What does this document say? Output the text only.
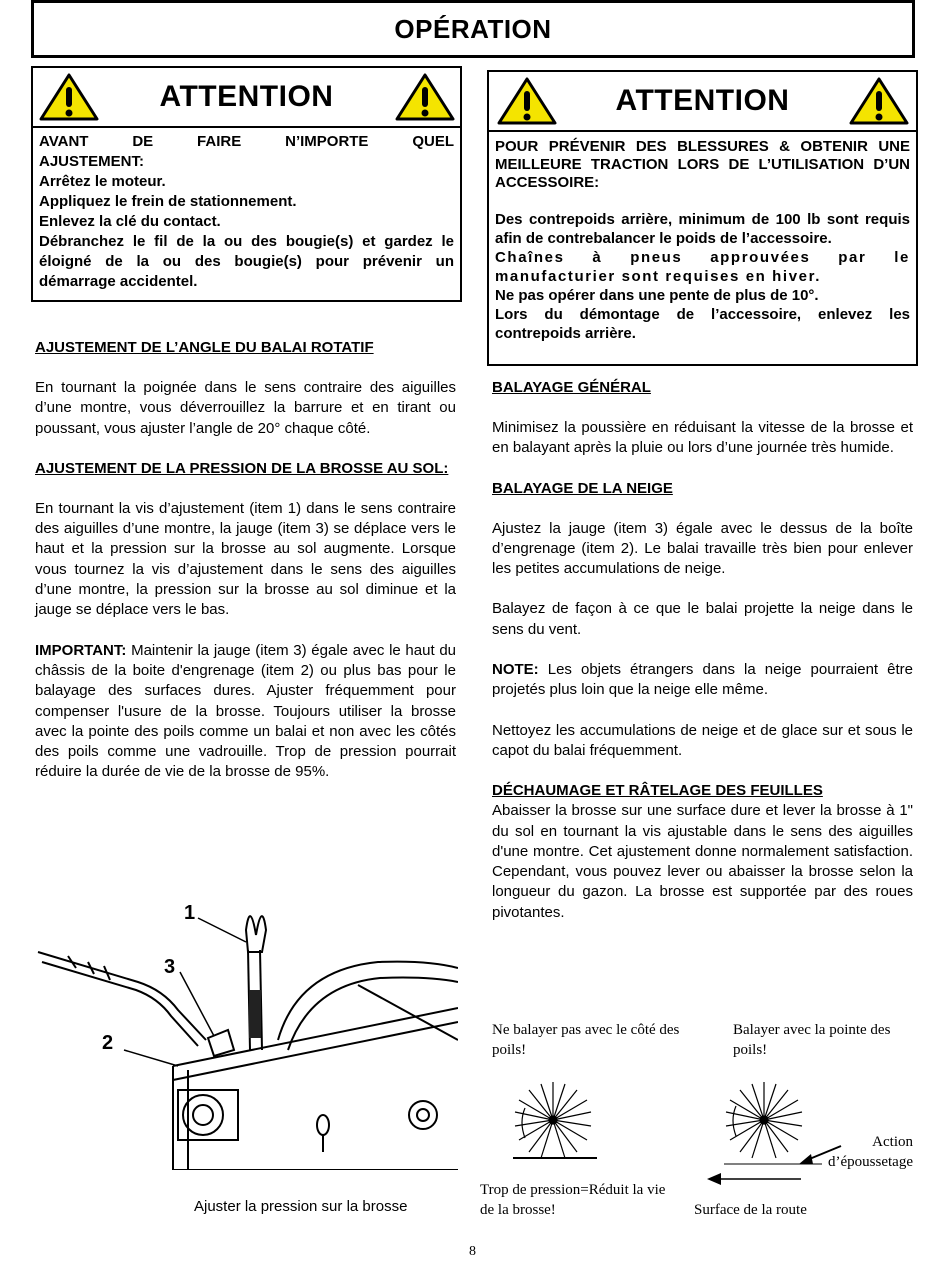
OPÉRATION
ATTENTION

AVANT DE FAIRE N’IMPORTE QUEL AJUSTEMENT:

Arrêtez le moteur.

Appliquez le frein de stationnement.

Enlevez la clé du contact.

Débranchez le fil de la ou des bougie(s) et gardez le éloigné de la ou des bougie(s) pour prévenir un démarrage accidentel.

ATTENTION

POUR PRÉVENIR DES BLESSURES & OBTENIR UNE MEILLEURE TRACTION LORS DE L’UTILISATION D’UN ACCESSOIRE:

Des contrepoids arrière, minimum de 100 lb sont requis afin de contrebalancer le poids de l’accessoire.

Chaînes à pneus approuvées par le manufacturier sont requises en hiver.

Ne pas opérer dans une pente de plus de 10°.

Lors du démontage de l’accessoire, enlevez les contrepoids arrière.

AJUSTEMENT DE L’ANGLE DU BALAI ROTATIF

En tournant la poignée dans le sens contraire des aiguilles d’une montre, vous déverrouillez la barrure et en tirant ou poussant, vous ajuster l’angle de 20° chaque côté.

AJUSTEMENT DE LA PRESSION DE LA BROSSE AU SOL:

En tournant la vis d’ajustement (item 1) dans le sens contraire des aiguilles d’une montre, la jauge (item 3) se déplace vers le haut et la pression sur la brosse au sol augmente. Lorsque vous tournez la vis d’ajustement dans le sens des aiguilles d’une montre, la pression sur la brosse au sol diminue et la jauge se déplace vers le bas.

IMPORTANT: Maintenir la jauge (item 3) égale avec le haut du châssis de la boite d'engrenage (item 2) ou plus bas pour le balayage des surfaces dures. Ajuster fréquemment pour compenser l'usure de la brosse. Toujours utiliser la brosse avec la pointe des poils comme un balai et non avec les côtés des poils comme une vadrouille. Trop de pression pourrait réduire la durée de vie de la brosse de 95%.

BALAYAGE GÉNÉRAL

Minimisez la poussière en réduisant la vitesse de la brosse et en balayant après la pluie ou lors d’une journée très humide.

BALAYAGE DE LA NEIGE

Ajustez la jauge (item 3) égale avec le dessus de la boîte d’engrenage (item 2). Le balai travaille très bien pour enlever les petites accumulations de neige.

Balayez de façon à ce que le balai projette la neige dans le sens du vent.

NOTE: Les objets étrangers dans la neige pourraient être projetés plus loin que la neige elle même.

Nettoyez les accumulations de neige et de glace sur et sous le capot du balai fréquemment.

DÉCHAUMAGE ET RÂTELAGE DES FEUILLES

Abaisser la brosse sur une surface dure et lever la brosse à 1" du sol en tournant la vis ajustable dans le sens des aiguilles d'une montre. Cet ajustement donne normalement satisfaction. Cependant, vous pouvez lever ou abaisser la brosse selon la longueur du gazon. La brosse est supportée par des roues pivotantes.

1
3
2
Ajuster la pression sur la brosse
Ne balayer pas avec le côté des poils!
Balayer avec la pointe des poils!
Action
d’époussetage
Trop de pression=Réduit la vie de la brosse!	Surface de la route
8
